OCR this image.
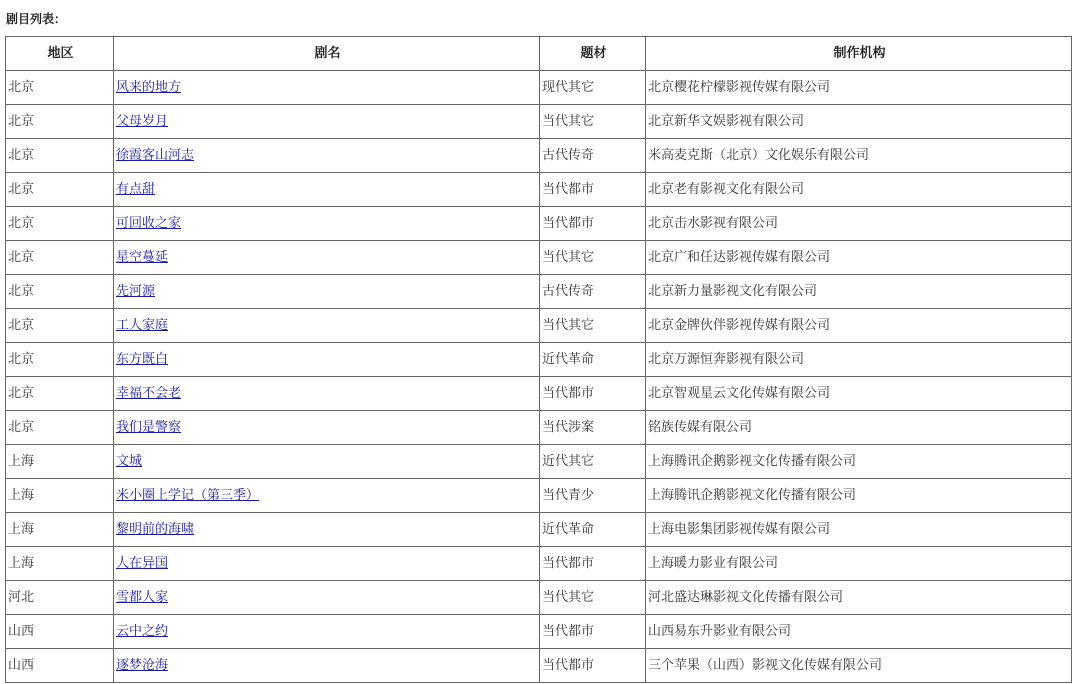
剧目列表：
地区	剧名	题材	制作机构
北京	风来的地方	现代其它	北京樱花柠檬影视传媒有限公司
北京	父母岁月	当代其它	北京新华文娱影视有限公司
北京	徐霞客山河志	古代传奇	米高麦克斯（北京）文化娱乐有限公司
北京	有点甜	当代都市	北京老有影视文化有限公司
北京	可回收之家	当代都市	北京击水影视有限公司
北京	星空蔓延	当代其它	北京广和任达影视传媒有限公司
北京	先河源	古代传奇	北京新力量影视文化有限公司
北京	工人家庭	当代其它	北京金牌伙伴影视传媒有限公司
北京	东方既白	近代革命	北京万源恒奔影视有限公司
北京	幸福不会老	当代都市	北京智观星云文化传媒有限公司
北京	我们是警察	当代涉案	铭族传媒有限公司
上海	文城	近代其它	上海腾讯企鹅影视文化传播有限公司
上海	米小圈上学记（第三季）	当代青少	上海腾讯企鹅影视文化传播有限公司
上海	黎明前的海啸	近代革命	上海电影集团影视传媒有限公司
上海	人在异国	当代都市	上海暖力影业有限公司
河北	雪都人家	当代其它	河北盛达琳影视文化传播有限公司
山西	云中之约	当代都市	山西易东升影业有限公司
山西	逐梦沧海	当代都市	三个苹果（山西）影视文化传媒有限公司
